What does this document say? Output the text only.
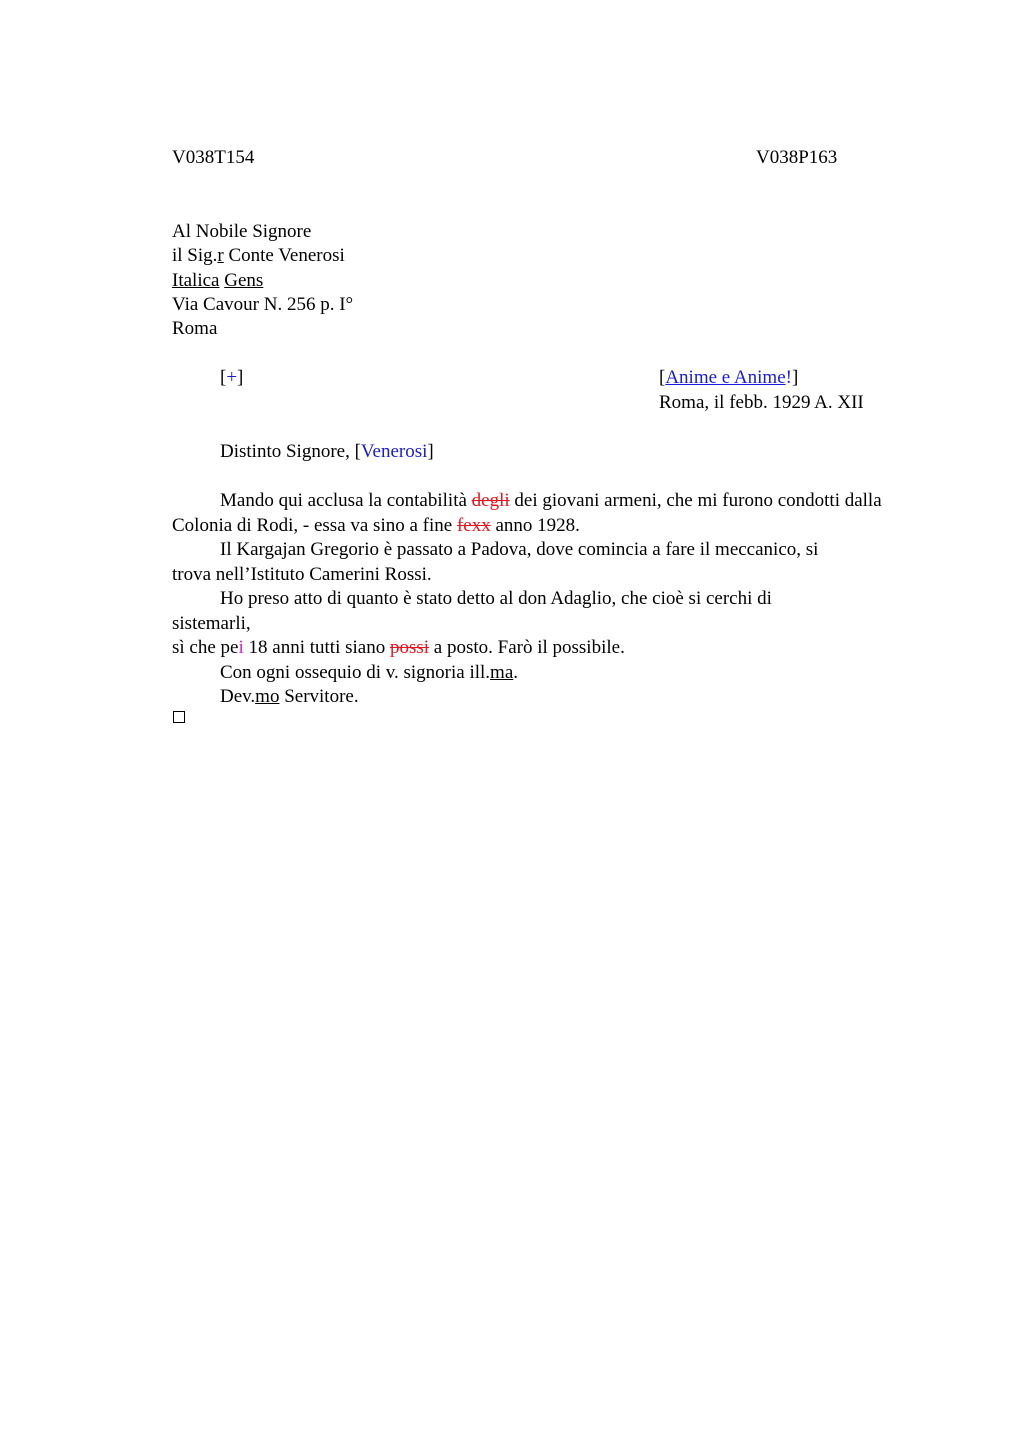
V038T154	V038P163
Al Nobile Signore
il Sig.r Conte Venerosi
Italica Gens
Via Cavour N. 256 p. I°
Roma
[+]	[Anime e Anime!]
Roma, il febb. 1929 A. XII
Distinto Signore, [Venerosi]

Mando qui acclusa la contabilità degli dei giovani armeni, che mi furono condotti dalla Colonia di Rodi, - essa va sino a fine fexx anno 1928.

Il Kargajan Gregorio è passato a Padova, dove comincia a fare il meccanico, si trova nell’Istituto Camerini Rossi.

Ho preso atto di quanto è stato detto al don Adaglio, che cioè si cerchi di sistemarli,

sì che pei 18 anni tutti siano possi a posto. Farò il possibile.

Con ogni ossequio di v. signoria ill.ma.

Dev.mo Servitore.
